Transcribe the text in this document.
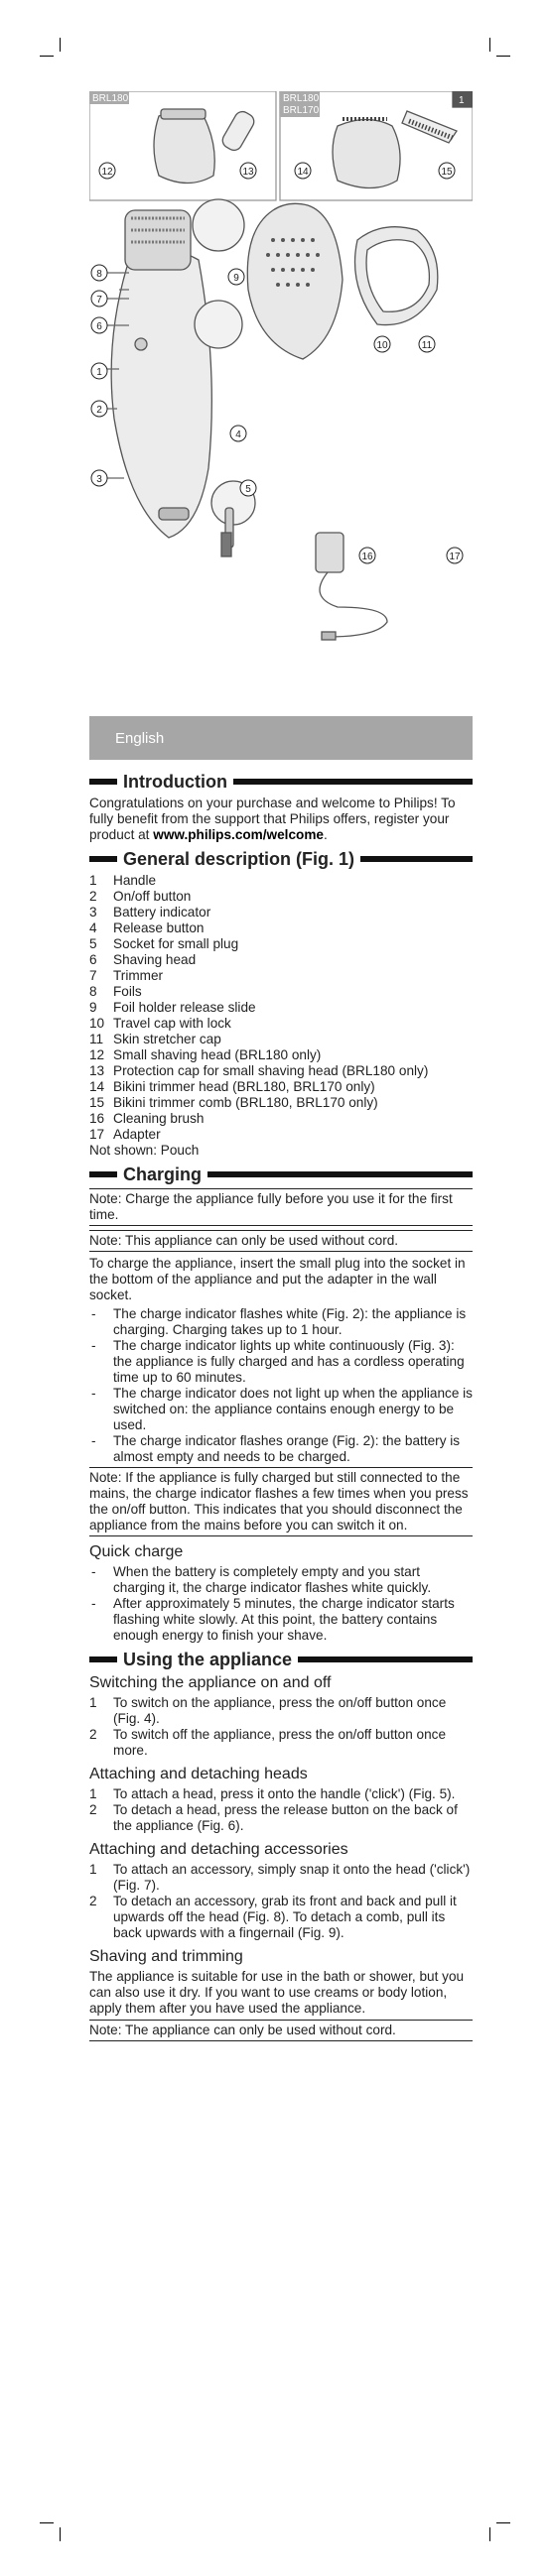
BRL180	BRL180
BRL170
1
3
2
1
6
7
8
5
4
9
10	11
12	13	14	15
16	17
English
Introduction

Congratulations on your purchase and welcome to Philips! To fully benefit from the support that Philips offers, register your product at www.philips.com/welcome.

General description (Fig. 1)
1	Handle
2	On/off button
3	Battery indicator
4	Release button
5	Socket for small plug
6	Shaving head
7	Trimmer
8	Foils
9	Foil holder release slide
10 Travel cap with lock
11 Skin stretcher cap
12 Small shaving head (BRL180 only)
13 Protection cap for small shaving head (BRL180 only)
14 Bikini trimmer head (BRL180, BRL170 only)
15 Bikini trimmer comb (BRL180, BRL170 only)
16 Cleaning brush
17 Adapter

Not shown: Pouch

Charging
Note: Charge the appliance fully before you use it for the first time.
Note: This appliance can only be used without cord.

To charge the appliance, insert the small plug into the socket in the bottom of the appliance and put the adapter in the wall socket.

-	The charge indicator flashes white (Fig. 2): the appliance is charging. Charging takes up to 1 hour.
-	The charge indicator lights up white continuously (Fig. 3): the appliance is fully charged and has a cordless operating time up to 60 minutes.
-	The charge indicator does not light up when the appliance is switched on: the appliance contains enough energy to be used.
-	The charge indicator flashes orange (Fig. 2): the battery is almost empty and needs to be charged.
Note: If the appliance is fully charged but still connected to the mains, the charge indicator flashes a few times when you press the on/off button. This indicates that you should disconnect the appliance from the mains before you can switch it on.
Quick charge
-	When the battery is completely empty and you start charging it, the charge indicator flashes white quickly.
-	After approximately 5 minutes, the charge indicator starts flashing white slowly. At this point, the battery contains enough energy to finish your shave.
Using the appliance
Switching the appliance on and off
1	To switch on the appliance, press the on/off button once (Fig. 4).
2	To switch off the appliance, press the on/off button once more.
Attaching and detaching heads
1	To attach a head, press it onto the handle ('click') (Fig. 5).
2	To detach a head, press the release button on the back of the appliance (Fig. 6).
Attaching and detaching accessories
1	To attach an accessory, simply snap it onto the head ('click') (Fig. 7).
2	To detach an accessory, grab its front and back and pull it upwards off the head (Fig. 8). To detach a comb, pull its back upwards with a fingernail (Fig. 9).
Shaving and trimming

The appliance is suitable for use in the bath or shower, but you can also use it dry. If you want to use creams or body lotion, apply them after you have used the appliance.

Note: The appliance can only be used without cord.
